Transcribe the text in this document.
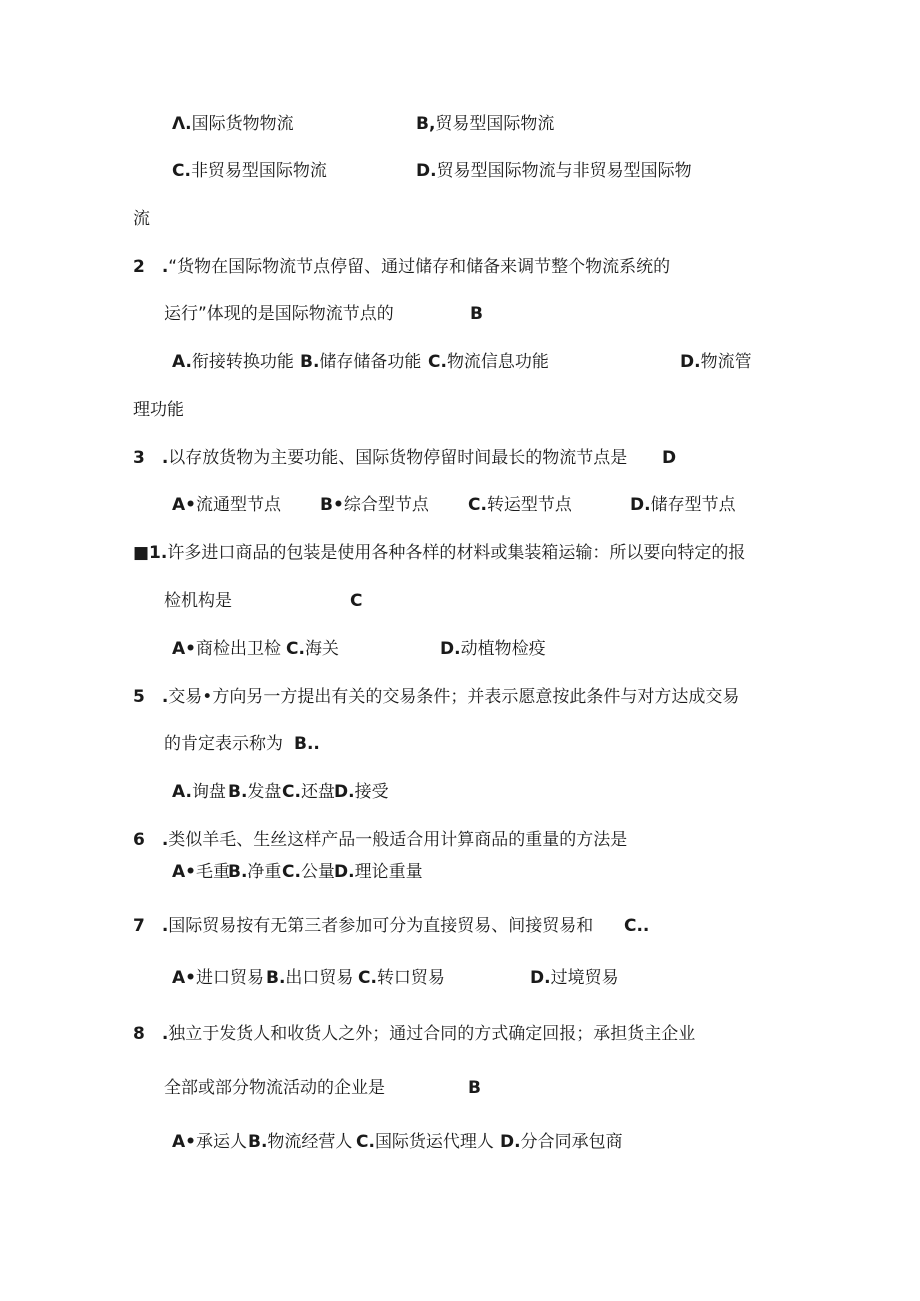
Λ.国际货物物流	B,贸易型国际物流
C.非贸易型国际物流	D.贸易型国际物流与非贸易型国际物
流
2　.“货物在国际物流节点停留、通过储存和储备来调节整个物流系统的
运行”体现的是国际物流节点的	B
A.衔接转换功能 B.储存储备功能 C.物流信息功能	D.物流管
理功能
3　.以存放货物为主要功能、国际货物停留时间最长的物流节点是 D
A•流通型节点 B•综合型节点 C.转运型节点	D.储存型节点
■1.许多进口商品的包装是使用各种各样的材料或集装箱运输：所以要向特定的报
检机构是	C
A•商检出卫检 C.海关	D.动植物检疫
5　.交易•方向另一方提出有关的交易条件；并表示愿意按此条件与对方达成交易
的肯定表示称为 B..
A.询盘 B.发盘 C.还盘 D.接受
6　.类似羊毛、生丝这样产品一般适合用计算商品的重量的方法是
A•毛重
B.净重 C.公量 D.理论重量
7　.国际贸易按有无第三者参加可分为直接贸易、间接贸易和 C..
A•进口贸易 B.出口贸易 C.转口贸易	D.过境贸易
8　.独立于发货人和收货人之外；通过合同的方式确定回报；承担货主企业
全部或部分物流活动的企业是	B
A•承运人 B.物流经营人 C.国际货运代理人 D.分合同承包商
